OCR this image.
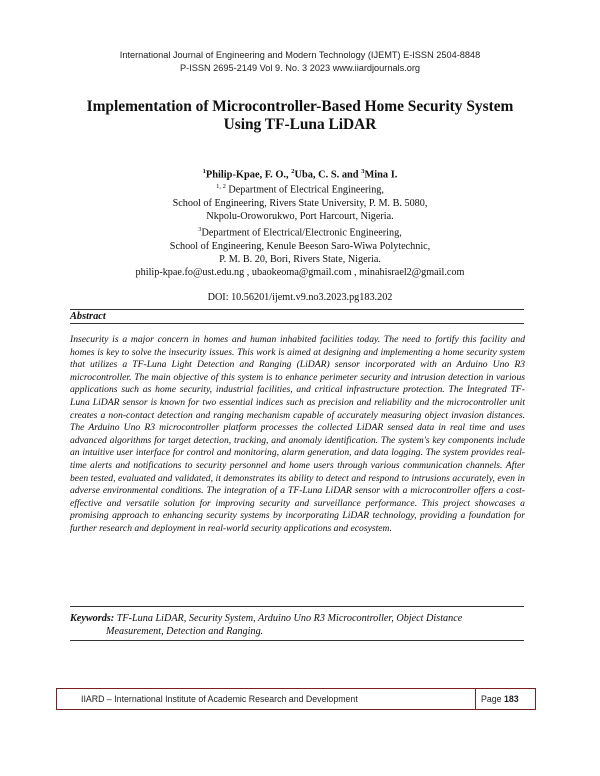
International Journal of Engineering and Modern Technology (IJEMT) E-ISSN 2504-8848
P-ISSN 2695-2149 Vol 9. No. 3 2023 www.iiardjournals.org
Implementation of Microcontroller-Based Home Security System
Using TF-Luna LiDAR
$^1$Philip-Kpae, F. O., $^2$Uba, C. S. and $^3$Mina I.
$^{1, 2}$ Department of Electrical Engineering,
School of Engineering, Rivers State University, P. M. B. 5080,
Nkpolu-Oroworukwo, Port Harcourt, Nigeria.
$^3$Department of Electrical/Electronic Engineering,
School of Engineering, Kenule Beeson Saro-Wiwa Polytechnic,
P. M. B. 20, Bori, Rivers State, Nigeria.
philip-kpae.fo@ust.edu.ng , ubaokeoma@gmail.com , minahisrael2@gmail.com
DOI: 10.56201/ijemt.v9.no3.2023.pg183.202
Abstract
Insecurity is a major concern in homes and human inhabited facilities today. The need to fortify this facility and homes is key to solve the insecurity issues. This work is aimed at designing and implementing a home security system that utilizes a TF-Luna Light Detection and Ranging (LiDAR) sensor incorporated with an Arduino Uno R3 microcontroller. The main objective of this system is to enhance perimeter security and intrusion detection in various applications such as home security, industrial facilities, and critical infrastructure protection. The Integrated TF-Luna LiDAR sensor is known for two essential indices such as precision and reliability and the microcontroller unit creates a non-contact detection and ranging mechanism capable of accurately measuring object invasion distances. The Arduino Uno R3 microcontroller platform processes the collected LiDAR sensed data in real time and uses advanced algorithms for target detection, tracking, and anomaly identification. The system's key components include an intuitive user interface for control and monitoring, alarm generation, and data logging. The system provides real-time alerts and notifications to security personnel and home users through various communication channels. After been tested, evaluated and validated, it demonstrates its ability to detect and respond to intrusions accurately, even in adverse environmental conditions. The integration of a TF-Luna LiDAR sensor with a microcontroller offers a cost-effective and versatile solution for improving security and surveillance performance. This project showcases a promising approach to enhancing security systems by incorporating LiDAR technology, providing a foundation for further research and deployment in real-world security applications and ecosystem.
Keywords: TF-Luna LiDAR, Security System, Arduino Uno R3 Microcontroller, Object Distance
Measurement, Detection and Ranging.
IIARD – International Institute of Academic Research and Development	Page 183
